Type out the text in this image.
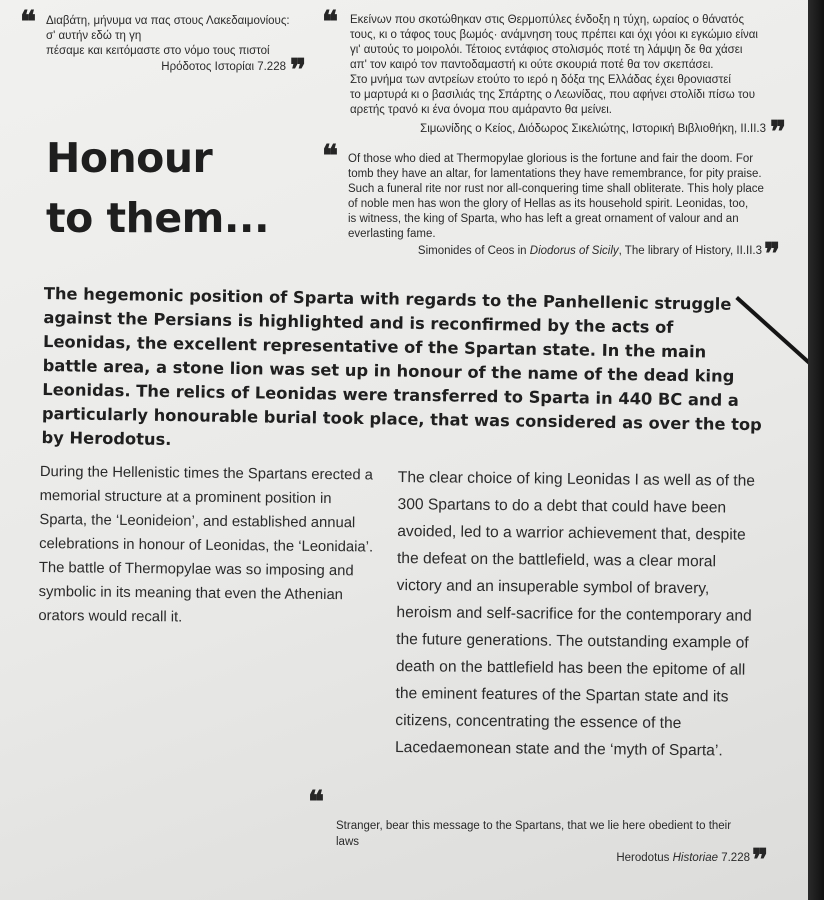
❝ Διαβάτη, μήνυμα να πας στους Λακεδαιμονίους:
σ' αυτήν εδώ τη γη
πέσαμε και κειτόμαστε στο νόμο τους πιστοί
Ηρόδοτος Ιστορίαι 7.228 ❞
❝ Εκείνων που σκοτώθηκαν στις Θερμοπύλες ένδοξη η τύχη, ωραίος ο θάνατός
τους, κι ο τάφος τους βωμός· ανάμνηση τους πρέπει και όχι γόοι κι εγκώμιο είναι
γι' αυτούς το μοιρολόι. Τέτοιος εντάφιος στολισμός ποτέ τη λάμψη δε θα χάσει
απ' τον καιρό τον παντοδαμαστή κι ούτε σκουριά ποτέ θα τον σκεπάσει.
Στο μνήμα των αντρείων ετούτο το ιερό η δόξα της Ελλάδας έχει θρονιαστεί
το μαρτυρά κι ο βασιλιάς της Σπάρτης ο Λεωνίδας, που αφήνει στολίδι πίσω του
αρετής τρανό κι ένα όνομα που αμάραντο θα μείνει.
Σιμωνίδης ο Κείος, Διόδωρος Σικελιώτης, Ιστορική Βιβλιοθήκη, ΙΙ.ΙΙ.3 ❞
Honour
to them...
❝ Of those who died at Thermopylae glorious is the fortune and fair the doom. For
tomb they have an altar, for lamentations they have remembrance, for pity praise.
Such a funeral rite nor rust nor all-conquering time shall obliterate. This holy place
of noble men has won the glory of Hellas as its household spirit. Leonidas, too,
is witness, the king of Sparta, who has left a great ornament of valour and an
everlasting fame.
Simonides of Ceos in Diodorus of Sicily, The library of History, II.II.3 ❞
The hegemonic position of Sparta with regards to the Panhellenic struggle against the Persians is highlighted and is reconfirmed by the acts of Leonidas, the excellent representative of the Spartan state. In the main battle area, a stone lion was set up in honour of the name of the dead king Leonidas. The relics of Leonidas were transferred to Sparta in 440 BC and a particularly honourable burial took place, that was considered as over the top by Herodotus.
During the Hellenistic times the Spartans erected a memorial structure at a prominent position in Sparta, the ‘Leonideion’, and established annual celebrations in honour of Leonidas, the ‘Leonidaia’. The battle of Thermopylae was so imposing and symbolic in its meaning that even the Athenian orators would recall it.
The clear choice of king Leonidas I as well as of the 300 Spartans to do a debt that could have been avoided, led to a warrior achievement that, despite the defeat on the battlefield, was a clear moral victory and an insuperable symbol of bravery, heroism and self-sacrifice for the contemporary and the future generations. The outstanding example of death on the battlefield has been the epitome of all the eminent features of the Spartan state and its citizens, concentrating the essence of the Lacedaemonean state and the ‘myth of Sparta’.
❝
Stranger, bear this message to the Spartans, that we lie here obedient to their laws
Herodotus Historiae 7.228 ❞
